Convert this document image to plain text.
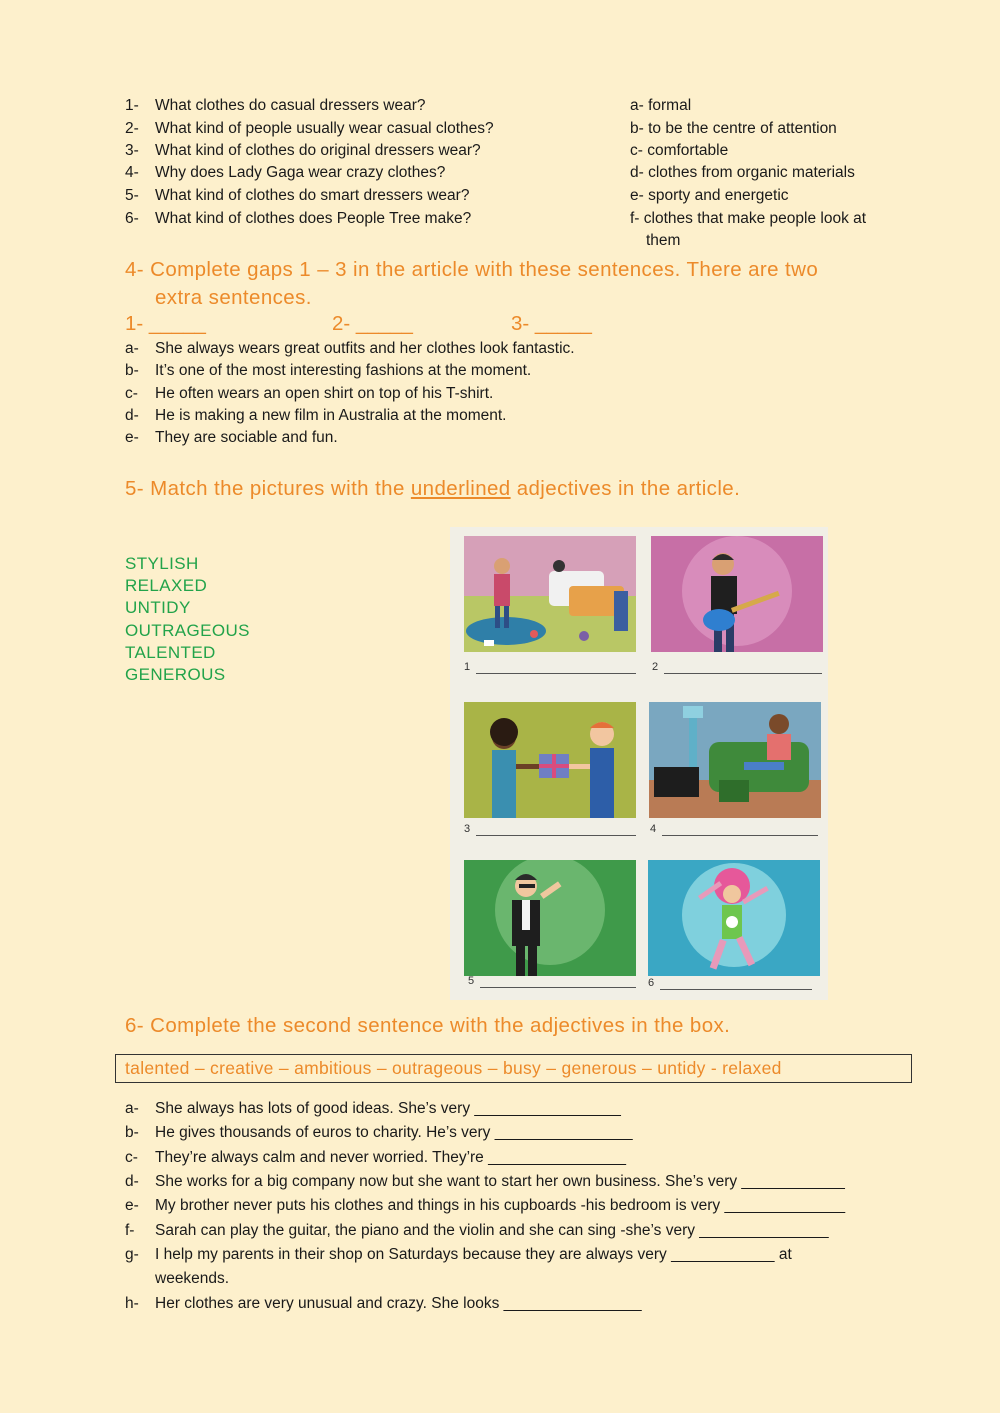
1- What clothes do casual dressers wear?
2- What kind of people usually wear casual clothes?
3- What kind of clothes do original dressers wear?
4- Why does Lady Gaga wear crazy clothes?
5- What kind of clothes do smart dressers wear?
6- What kind of clothes does People Tree make?
a- formal
b- to be the centre of attention
c- comfortable
d- clothes from organic materials
e- sporty and energetic
f- clothes that make people look at
them
4- Complete gaps 1 – 3 in the article with these sentences. There are two
extra sentences.
1- _____	2- _____	3- _____
a- She always wears great outfits and her clothes look fantastic.
b- It’s one of the most interesting fashions at the moment.
c- He often wears an open shirt on top of his T-shirt.
d- He is making a new film in Australia at the moment.
e- They are sociable and fun.
5- Match the pictures with the underlined adjectives in the article.
STYLISH
RELAXED
UNTIDY
OUTRAGEOUS
TALENTED
GENEROUS	1	2
3	4
5	6
6- Complete the second sentence with the adjectives in the box.
talented – creative – ambitious – outrageous – busy – generous – untidy - relaxed
a- She always has lots of good ideas. She’s very _________________
b- He gives thousands of euros to charity. He’s very ________________
c- They’re always calm and never worried. They’re ________________
d- She works for a big company now but she want to start her own business. She’s very ____________
e- My brother never puts his clothes and things in his cupboards -his bedroom is very ______________
f- Sarah can play the guitar, the piano and the violin and she can sing -she’s very _______________
g- I help my parents in their shop on Saturdays because they are always very ____________ at
weekends.
h- Her clothes are very unusual and crazy. She looks ________________
